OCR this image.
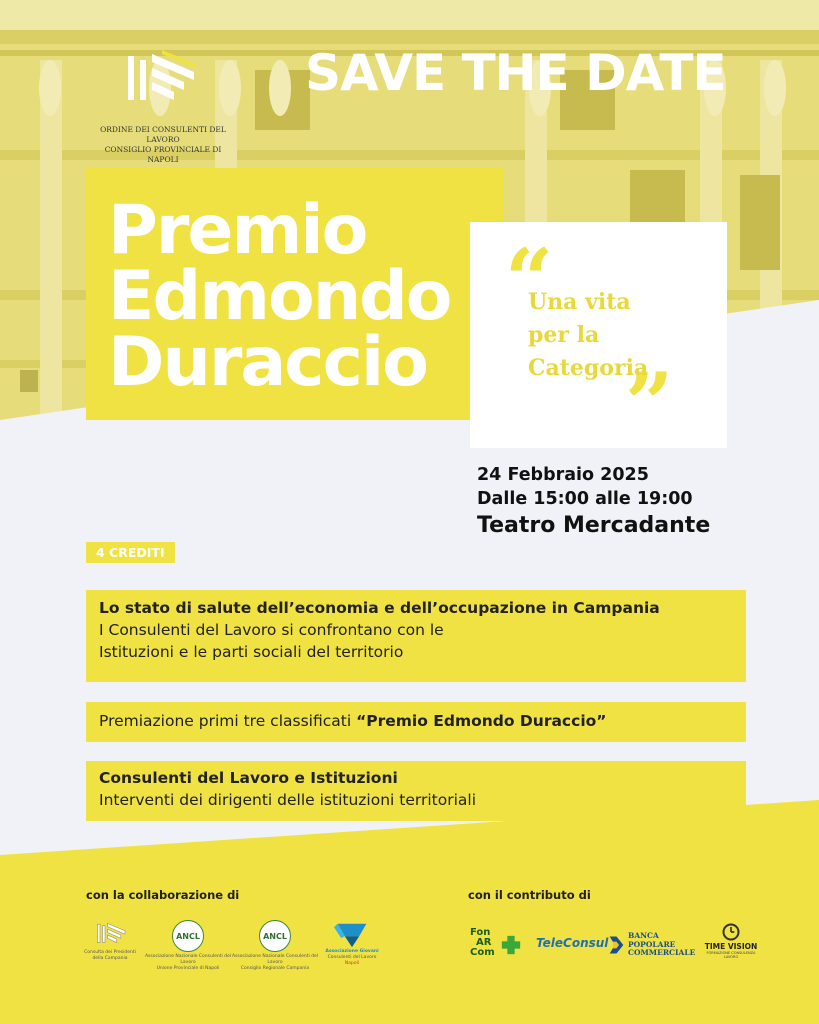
ORDINE DEI CONSULENTI DEL LAVORO
CONSIGLIO PROVINCIALE DI NAPOLI
SAVE THE DATE
Premio
Edmondo
Duraccio
“
”
Una vita
per la
Categoria
24 Febbraio 2025
Dalle 15:00 alle 19:00
Teatro Mercadante
4 CREDITI
Lo stato di salute dell’economia e dell’occupazione in Campania
I Consulenti del Lavoro si confrontano con le
Istituzioni e le parti sociali del territorio
Premiazione primi tre classificati “Premio Edmondo Duraccio”
Consulenti del Lavoro e Istituzioni
Interventi dei dirigenti delle istituzioni territoriali
con la collaborazione di
Consulta dei Presidenti
della Campania
ANCL
Associazione Nazionale Consulenti del Lavoro
Unione Provinciale di Napoli
ANCL
Associazione Nazionale Consulenti del Lavoro
Consiglio Regionale Campania
Associazione Giovani
Consulenti del Lavoro
Napoli
con il contributo di
Fon
AR
Com
TeleConsul
BANCA
POPOLARE
COMMERCIALE
TIME VISION
FORMAZIONE CONSULENZA LAVORO
